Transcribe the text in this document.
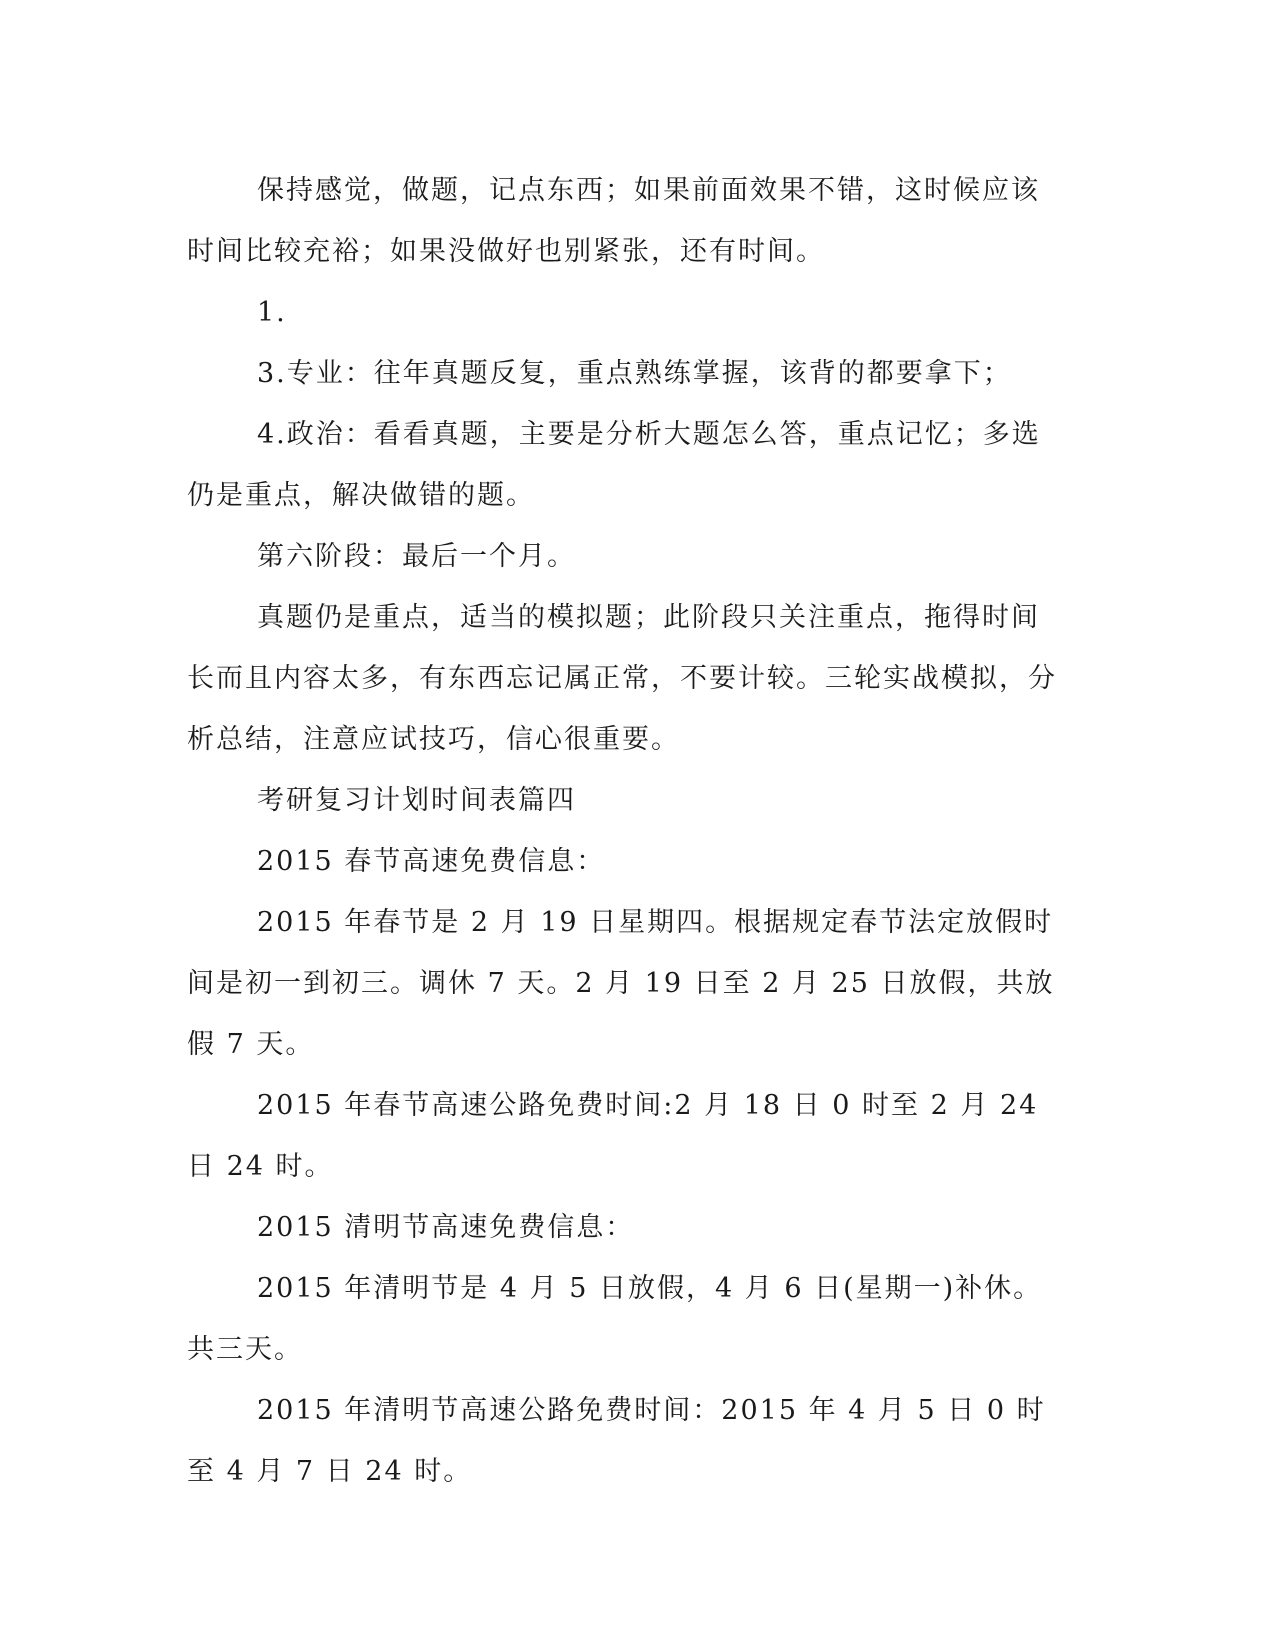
保持感觉，做题，记点东西；如果前面效果不错，这时候应该时间比较充裕；如果没做好也别紧张，还有时间。

1.

3.专业：往年真题反复，重点熟练掌握，该背的都要拿下；

4.政治：看看真题，主要是分析大题怎么答，重点记忆；多选仍是重点，解决做错的题。

第六阶段：最后一个月。

真题仍是重点，适当的模拟题；此阶段只关注重点，拖得时间长而且内容太多，有东西忘记属正常，不要计较。三轮实战模拟，分析总结，注意应试技巧，信心很重要。

考研复习计划时间表篇四

2015 春节高速免费信息：

2015 年春节是 2 月 19 日星期四。根据规定春节法定放假时间是初一到初三。调休 7 天。2 月 19 日至 2 月 25 日放假，共放假 7 天。

2015 年春节高速公路免费时间:2 月 18 日 0 时至 2 月 24 日 24 时。

2015 清明节高速免费信息：

2015 年清明节是 4 月 5 日放假，4 月 6 日(星期一)补休。共三天。

2015 年清明节高速公路免费时间：2015 年 4 月 5 日 0 时至 4 月 7 日 24 时。
